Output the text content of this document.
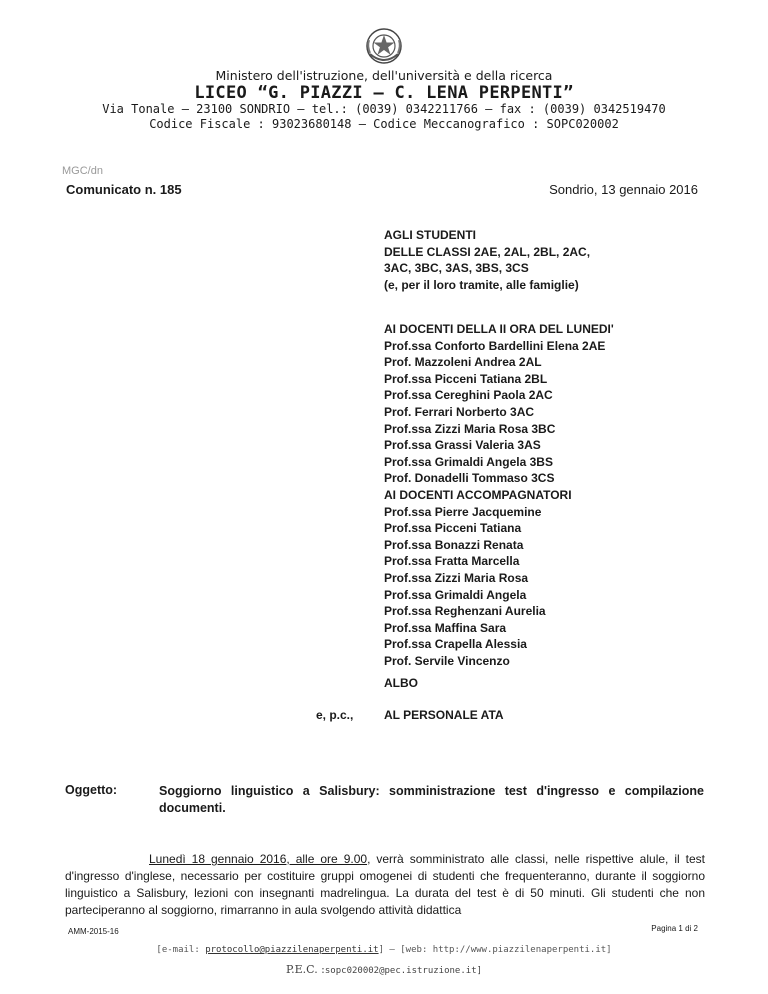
Ministero dell'istruzione, dell'università e della ricerca
LICEO “G. PIAZZI – C. LENA PERPENTI”
Via Tonale – 23100 SONDRIO – tel.: (0039) 0342211766 – fax : (0039) 0342519470
Codice Fiscale : 93023680148 – Codice Meccanografico : SOPC020002
MGC/dn
Comunicato n. 185	Sondrio, 13 gennaio 2016
AGLI STUDENTI
DELLE CLASSI 2AE, 2AL, 2BL, 2AC,
3AC, 3BC, 3AS, 3BS, 3CS
(e, per il loro tramite, alle famiglie)
AI DOCENTI DELLA II ORA DEL LUNEDI'
Prof.ssa Conforto Bardellini Elena 2AE
Prof. Mazzoleni Andrea 2AL
Prof.ssa Picceni Tatiana 2BL
Prof.ssa Cereghini Paola 2AC
Prof. Ferrari Norberto 3AC
Prof.ssa Zizzi Maria Rosa 3BC
Prof.ssa Grassi Valeria 3AS
Prof.ssa Grimaldi Angela 3BS
Prof. Donadelli Tommaso 3CS
AI DOCENTI ACCOMPAGNATORI
Prof.ssa Pierre Jacquemine
Prof.ssa Picceni Tatiana
Prof.ssa Bonazzi Renata
Prof.ssa Fratta Marcella
Prof.ssa Zizzi Maria Rosa
Prof.ssa Grimaldi Angela
Prof.ssa Reghenzani Aurelia
Prof.ssa Maffina Sara
Prof.ssa Crapella Alessia
Prof. Servile Vincenzo
ALBO
e, p.c.,	AL PERSONALE ATA
Oggetto:	Soggiorno linguistico a Salisbury: somministrazione test d'ingresso e compilazione
documenti.

Lunedì 18 gennaio 2016, alle ore 9.00, verrà somministrato alle classi, nelle rispettive alule, il test d'ingresso d'inglese, necessario per costituire gruppi omogenei di studenti che frequenteranno, durante il soggiorno linguistico a Salisbury, lezioni con insegnanti madrelingua. La durata del test è di 50 minuti. Gli studenti che non parteciperanno al soggiorno, rimarranno in aula svolgendo attività didattica

AMM-2015-16	Pagina 1 di 2
[e-mail: protocollo@piazzilenaperpenti.it] – [web: http://www.piazzilenaperpenti.it]
P.E.C. :sopc020002@pec.istruzione.it]
